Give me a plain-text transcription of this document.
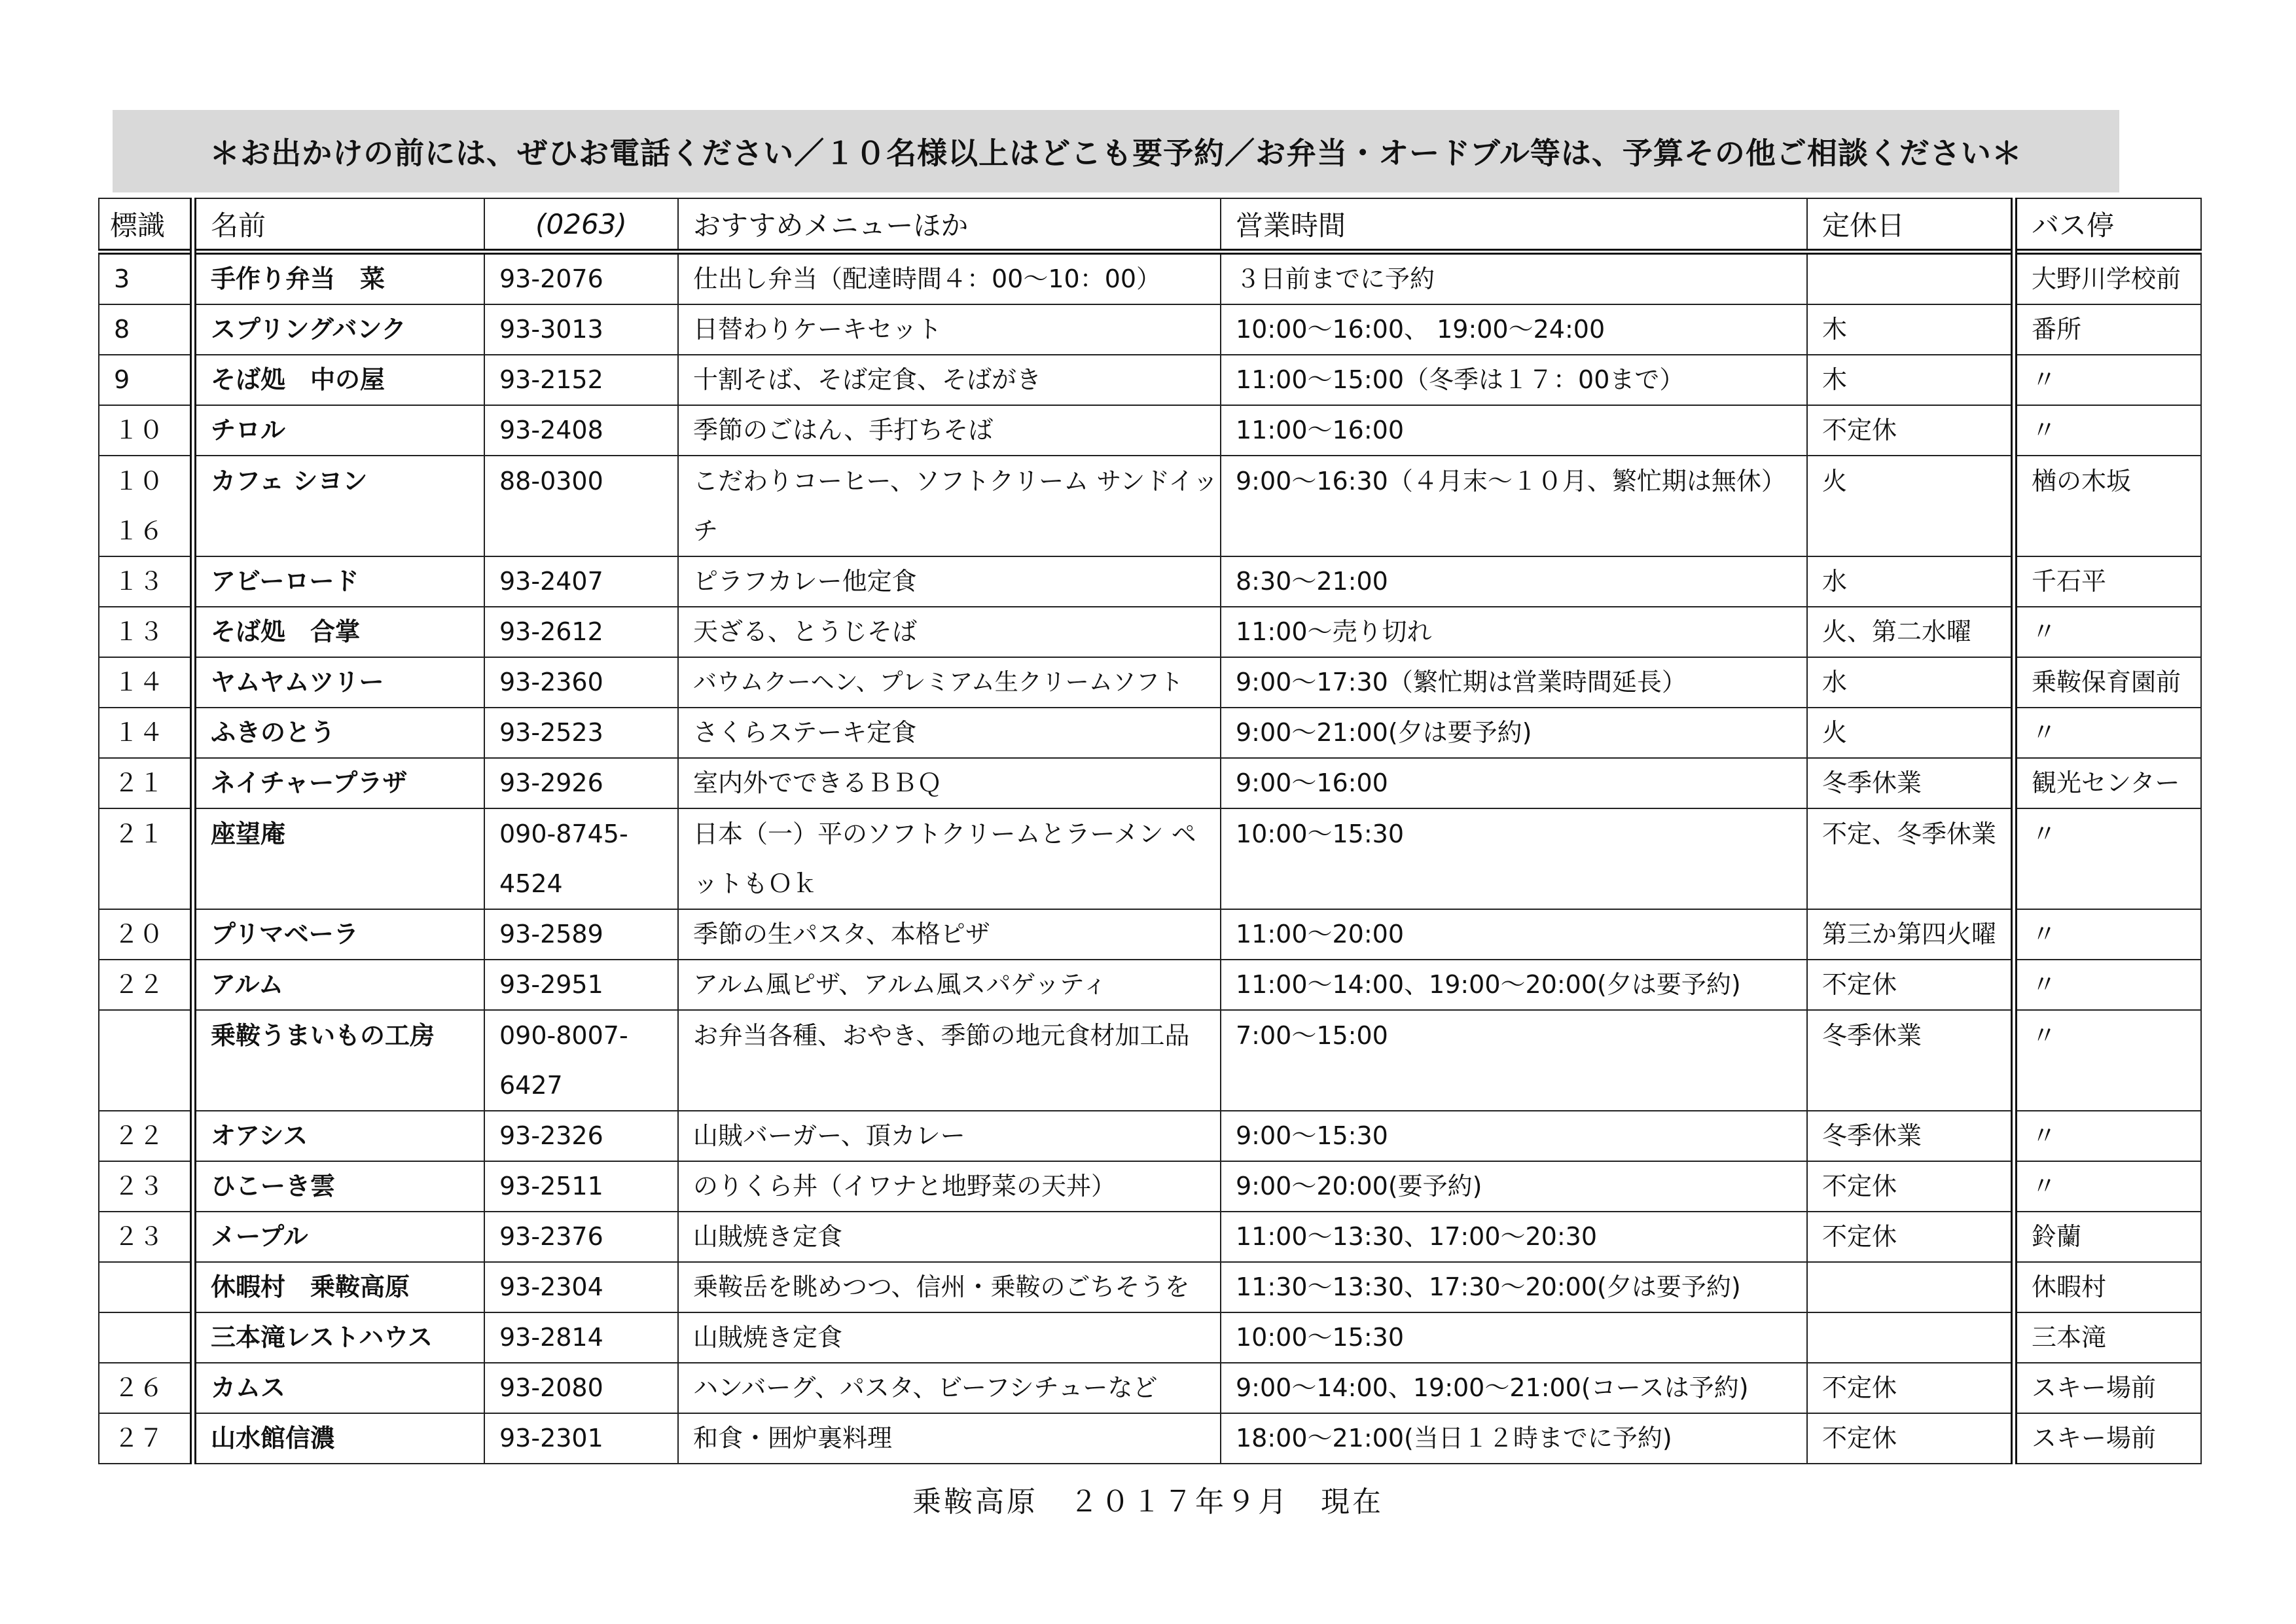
＊お出かけの前には、ぜひお電話ください／１０名様以上はどこも要予約／お弁当・オードブル等は、予算その他ご相談ください＊
標識	名前	(0263)	おすすめメニューほか	営業時間	定休日	バス停
3	手作り弁当　菜	93-2076	仕出し弁当（配達時間４：00～10：00）	３日前までに予約		大野川学校前
8	スプリングバンク	93-3013	日替わりケーキセット	10:00～16:00、 19:00～24:00	木	番所
9	そば処　中の屋	93-2152	十割そば、そば定食、そばがき	11:00～15:00（冬季は１７：00まで）	木	〃
１０	チロル	93-2408	季節のごはん、手打ちそば	11:00～16:00	不定休	〃
１０ １６	カフェ シヨン	88-0300	こだわりコーヒー、ソフトクリーム サンドイッチ	9:00～16:30（４月末～１０月、繁忙期は無休）	火	楢の木坂
１３	アビーロード	93-2407	ピラフカレー他定食	8:30～21:00	水	千石平
１３	そば処　合掌	93-2612	天ざる、とうじそば	11:00～売り切れ	火、第二水曜	〃
１４	ヤムヤムツリー	93-2360	バウムクーヘン、プレミアム生クリームソフト	9:00～17:30（繁忙期は営業時間延長）	水	乗鞍保育園前
１４	ふきのとう	93-2523	さくらステーキ定食	9:00～21:00(夕は要予約)	火	〃
２１	ネイチャープラザ	93-2926	室内外でできるＢＢＱ	9:00～16:00	冬季休業	観光センター
２１	座望庵	090-8745- 4524	日本（一）平のソフトクリームとラーメン ペットもＯｋ	10:00～15:30	不定、冬季休業	〃
２０	プリマベーラ	93-2589	季節の生パスタ、本格ピザ	11:00～20:00	第三か第四火曜	〃
２２	アルム	93-2951	アルム風ピザ、アルム風スパゲッティ	11:00～14:00、19:00～20:00(夕は要予約)	不定休	〃
	乗鞍うまいもの工房	090-8007- 6427	お弁当各種、おやき、季節の地元食材加工品	7:00～15:00	冬季休業	〃
２２	オアシス	93-2326	山賊バーガー、頂カレー	9:00～15:30	冬季休業	〃
２３	ひこーき雲	93-2511	のりくら丼（イワナと地野菜の天丼）	9:00～20:00(要予約)	不定休	〃
２３	メープル	93-2376	山賊焼き定食	11:00～13:30、17:00～20:30	不定休	鈴蘭
	休暇村　乗鞍高原	93-2304	乗鞍岳を眺めつつ、信州・乗鞍のごちそうを	11:30～13:30、17:30～20:00(夕は要予約)		休暇村
	三本滝レストハウス	93-2814	山賊焼き定食	10:00～15:30		三本滝
２６	カムス	93-2080	ハンバーグ、パスタ、ビーフシチューなど	9:00～14:00、19:00～21:00(コースは予約)	不定休	スキー場前
２７	山水館信濃	93-2301	和食・囲炉裏料理	18:00～21:00(当日１２時までに予約)	不定休	スキー場前
乗鞍高原　２０１７年９月　現在
